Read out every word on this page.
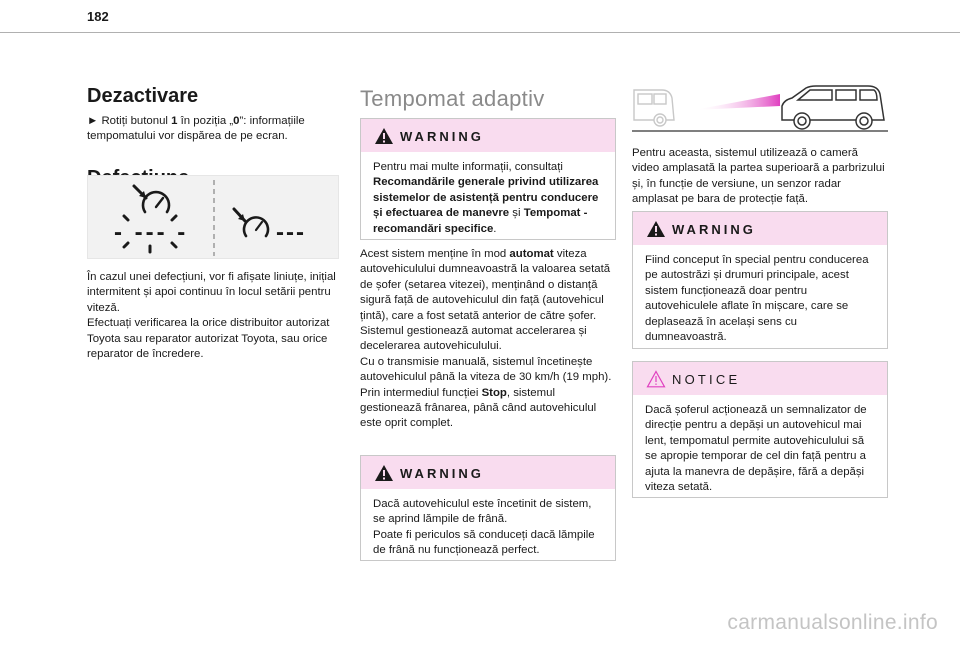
182
Dezactivare

► Rotiți butonul 1 în poziția „0”: informațiile tempomatului vor dispărea de pe ecran.

- --- -	---

În cazul unei defecțiuni, vor fi afișate liniuțe, inițial intermitent și apoi continuu în locul setării pentru viteză.

Efectuați verificarea la orice distribuitor autorizat Toyota sau reparator autorizat Toyota, sau orice reparator de încredere.

Tempomat adaptiv
WARNING

Pentru mai multe informații, consultați Recomandările generale privind utilizarea sistemelor de asistență pentru conducere și efectuarea de manevre și Tempomat - recomandări specifice.

Acest sistem menține în mod automat viteza autovehiculului dumneavoastră la valoarea setată de șofer (setarea vitezei), menținând o distanță sigură față de autovehiculul din față (autovehicul țintă), care a fost setată anterior de către șofer. Sistemul gestionează automat accelerarea și decelerarea autovehiculului.

Cu o transmisie manuală, sistemul încetinește autovehiculul până la viteza de 30 km/h (19 mph).

Prin intermediul funcției Stop, sistemul gestionează frânarea, până când autovehiculul este oprit complet.

WARNING

Dacă autovehiculul este încetinit de sistem, se aprind lămpile de frână.

Poate fi periculos să conduceți dacă lămpile de frână nu funcționează perfect.

Pentru aceasta, sistemul utilizează o cameră video amplasată la partea superioară a parbrizului și, în funcție de versiune, un senzor radar amplasat pe bara de protecție față.

WARNING

Fiind conceput în special pentru conducerea pe autostrăzi și drumuri principale, acest sistem funcționează doar pentru autovehiculele aflate în mișcare, care se deplasează în același sens cu dumneavoastră.

NOTICE

Dacă șoferul acționează un semnalizator de direcție pentru a depăși un autovehicul mai lent, tempomatul permite autovehiculului să se apropie temporar de cel din față pentru a ajuta la manevra de depășire, fără a depăși viteza setată.

carmanualsonline.info
